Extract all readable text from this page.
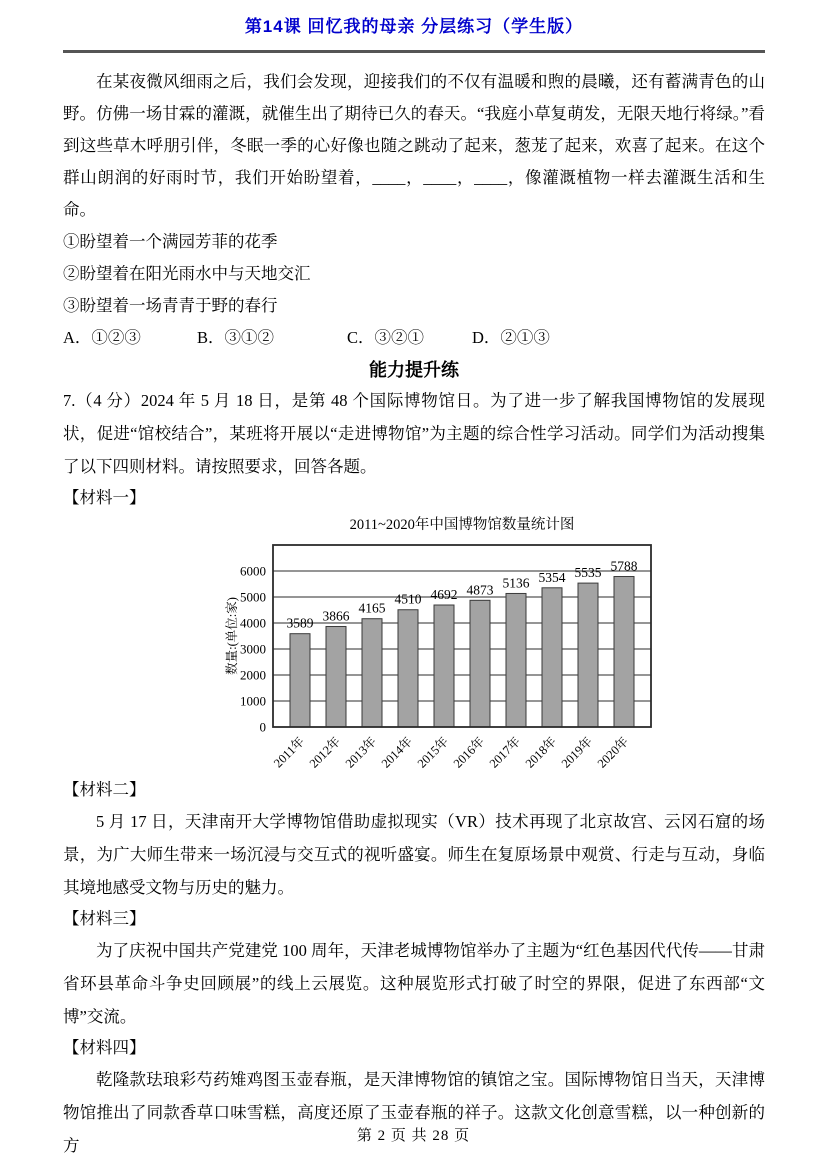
第14课 回忆我的母亲 分层练习（学生版）

在某夜微风细雨之后，我们会发现，迎接我们的不仅有温暖和煦的晨曦，还有蓄满青色的山野。仿佛一场甘霖的灌溉，就催生出了期待已久的春天。“我庭小草复萌发，无限天地行将绿。”看到这些草木呼朋引伴，冬眠一季的心好像也随之跳动了起来，葱茏了起来，欢喜了起来。在这个群山朗润的好雨时节，我们开始盼望着，____，____，____，像灌溉植物一样去灌溉生活和生命。

①盼望着一个满园芳菲的花季

②盼望着在阳光雨水中与天地交汇

③盼望着一场青青于野的春行

A．①②③	B．③①②	C．③②①	D．②①③
能力提升练

7.（4 分）2024 年 5 月 18 日，是第 48 个国际博物馆日。为了进一步了解我国博物馆的发展现状，促进“馆校结合”，某班将开展以“走进博物馆”为主题的综合性学习活动。同学们为活动搜集了以下四则材料。请按照要求，回答各题。

【材料一】

2011~2020年中国博物馆数量统计图
0
1000
2000
3000
4000
5000
6000
数量:(单位:家)	3589
2011年
3866
2012年
4165
2013年
4510
2014年
4692
2015年
4873
2016年
5136
2017年
5354
2018年
5535
2019年
5788
2020年

【材料二】

5 月 17 日，天津南开大学博物馆借助虚拟现实（VR）技术再现了北京故宫、云冈石窟的场景，为广大师生带来一场沉浸与交互式的视听盛宴。师生在复原场景中观赏、行走与互动，身临其境地感受文物与历史的魅力。

【材料三】

为了庆祝中国共产党建党 100 周年，天津老城博物馆举办了主题为“红色基因代代传——甘肃省环县革命斗争史回顾展”的线上云展览。这种展览形式打破了时空的界限，促进了东西部“文博”交流。

【材料四】

乾隆款珐琅彩芍药雉鸡图玉壶春瓶，是天津博物馆的镇馆之宝。国际博物馆日当天，天津博物馆推出了同款香草口味雪糕，高度还原了玉壶春瓶的祥子。这款文化创意雪糕，以一种创新的方	第 2 页 共 28 页
